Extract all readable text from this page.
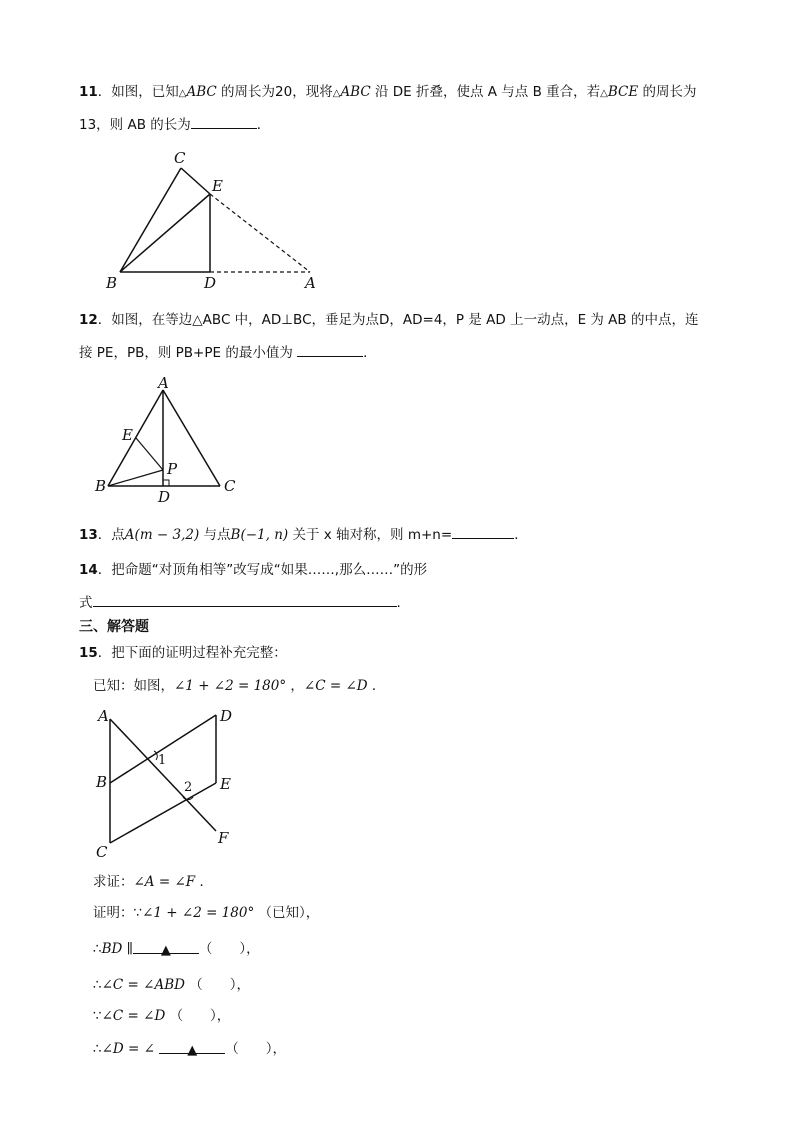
11．如图，已知△ABC 的周长为20，现将△ABC 沿 DE 折叠，使点 A 与点 B 重合，若△BCE 的周长为
13，则 AB 的长为	．
C
E
B	D	A
12．如图，在等边△ABC 中，AD⊥BC，垂足为点D，AD=4，P 是 AD 上一动点，E 为 AB 的中点，连
接 PE，PB，则 PB+PE 的最小值为	．
A
E
P
B
D
C
13．点A(m − 3,2) 与点B(−1, n) 关于 x 轴对称，则 m+n=	．
14．把命题“对顶角相等”改写成“如果……,那么……”的形
式	.
三、解答题
15．把下面的证明过程补充完整：
已知：如图，∠1 + ∠2 = 180° ，∠C = ∠D ．
A	D
B	E
C
F
1
2
求证：∠A = ∠F ．
证明：∵∠1 + ∠2 = 180° （已知），
∴BD ∥ ▲ （　　），
∴∠C = ∠ABD （　　），
∵∠C = ∠D （　　），
∴∠D = ∠ ▲ （　　），
